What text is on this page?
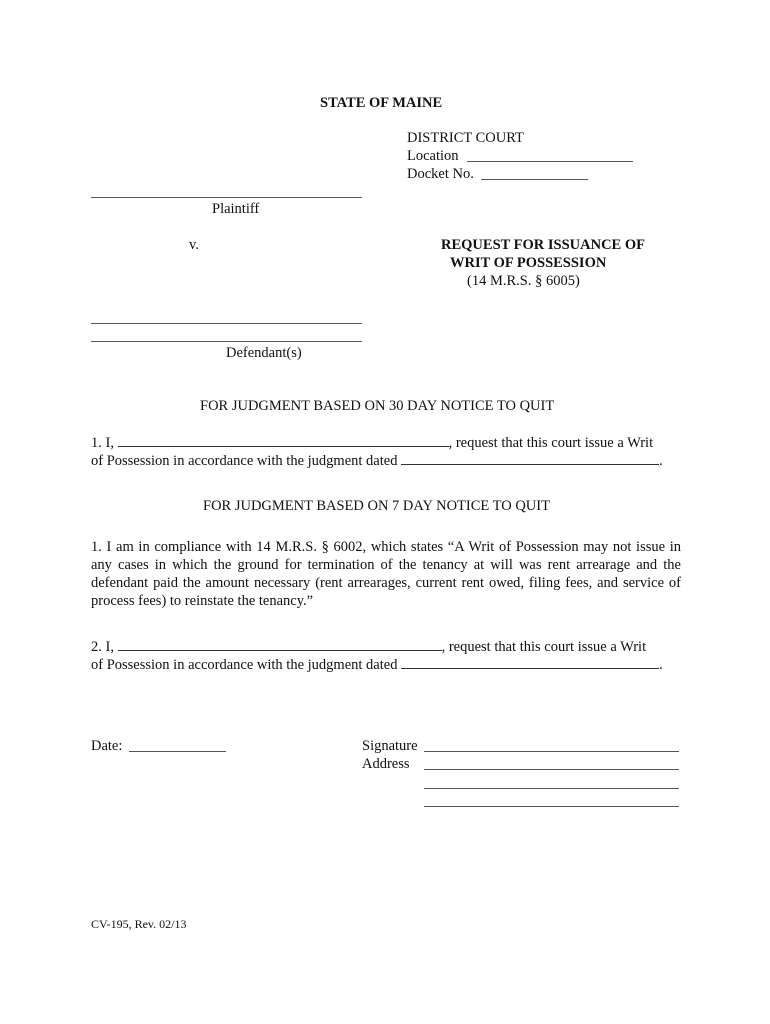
STATE OF MAINE
DISTRICT COURT
Location
Docket No.
Plaintiff
v.	REQUEST FOR ISSUANCE OF
WRIT OF POSSESSION
(14 M.R.S. § 6005)
Defendant(s)
FOR JUDGMENT BASED ON 30 DAY NOTICE TO QUIT
1. I,	, request that this court issue a Writ
of Possession in accordance with the judgment dated	.
FOR JUDGMENT BASED ON 7 DAY NOTICE TO QUIT
1. I am in compliance with 14 M.R.S. § 6002, which states “A Writ of Possession may not issue in any cases in which the ground for termination of the tenancy at will was rent arrearage and the defendant paid the amount necessary (rent arrearages, current rent owed, filing fees, and service of process fees) to reinstate the tenancy.”
2. I,	, request that this court issue a Writ
of Possession in accordance with the judgment dated	.
Date:	Signature
Address
CV-195, Rev. 02/13
